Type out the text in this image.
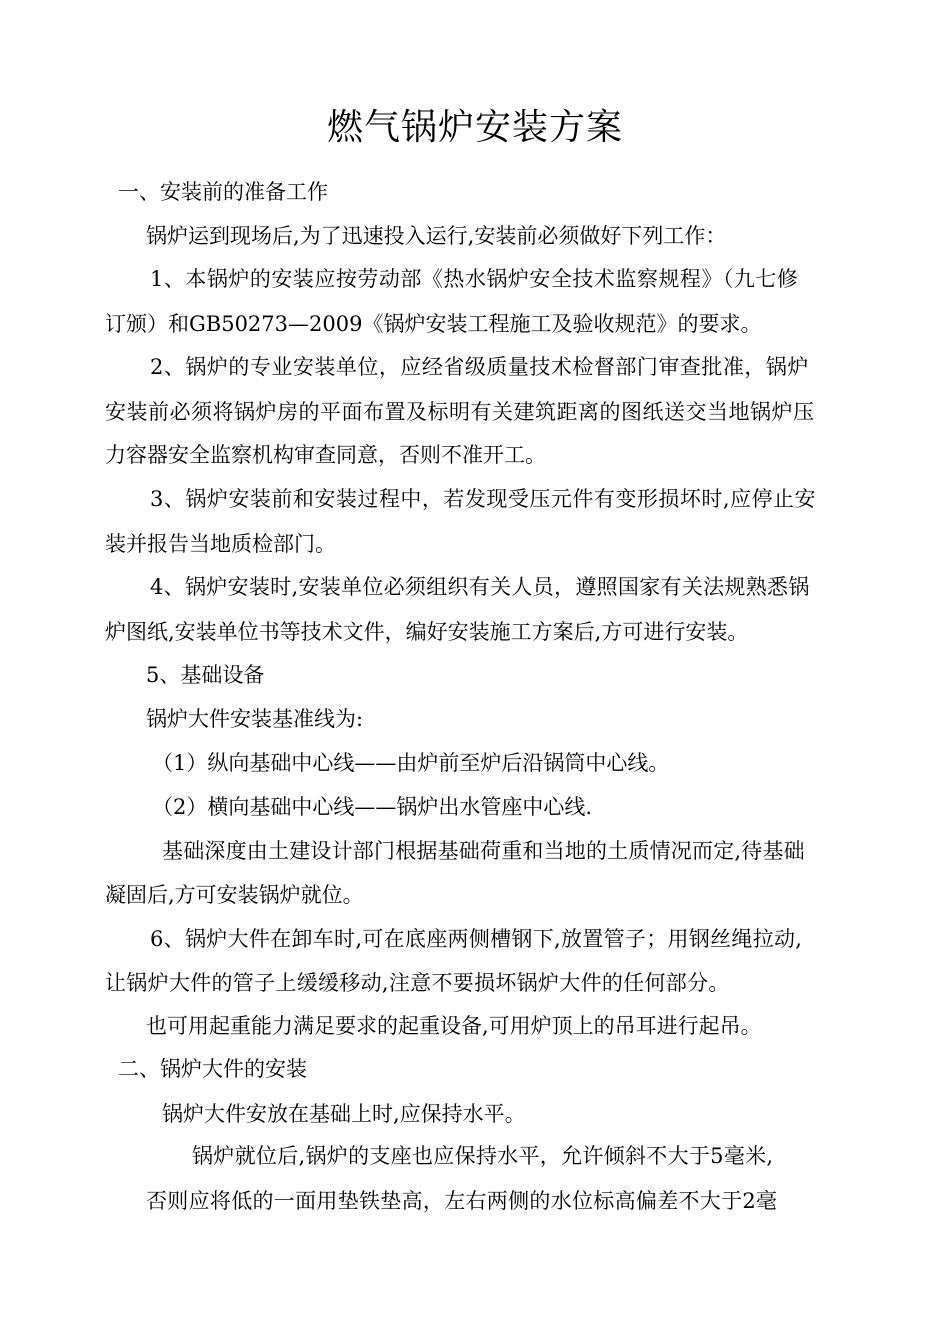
燃气锅炉安装方案
一、安装前的准备工作
锅炉运到现场后,为了迅速投入运行,安装前必须做好下列工作：
1、本锅炉的安装应按劳动部《热水锅炉安全技术监察规程》（九七修
订颁）和GB50273—2009《锅炉安装工程施工及验收规范》的要求。
2、锅炉的专业安装单位，应经省级质量技术检督部门审查批准，锅炉
安装前必须将锅炉房的平面布置及标明有关建筑距离的图纸送交当地锅炉压
力容器安全监察机构审查同意，否则不准开工。
3、锅炉安装前和安装过程中，若发现受压元件有变形损坏时,应停止安
装并报告当地质检部门。
4、锅炉安装时,安装单位必须组织有关人员，遵照国家有关法规熟悉锅
炉图纸,安装单位书等技术文件，编好安装施工方案后,方可进行安装。
5、基础设备
锅炉大件安装基准线为:
（1）纵向基础中心线——由炉前至炉后沿锅筒中心线。
（2）横向基础中心线——锅炉出水管座中心线.
基础深度由土建设计部门根据基础荷重和当地的土质情况而定,待基础
凝固后,方可安装锅炉就位。
6、锅炉大件在卸车时,可在底座两侧槽钢下,放置管子；用钢丝绳拉动,
让锅炉大件的管子上缓缓移动,注意不要损坏锅炉大件的任何部分。
也可用起重能力满足要求的起重设备,可用炉顶上的吊耳进行起吊。
二、锅炉大件的安装
锅炉大件安放在基础上时,应保持水平。
锅炉就位后,锅炉的支座也应保持水平，允许倾斜不大于5毫米,
否则应将低的一面用垫铁垫高，左右两侧的水位标高偏差不大于2毫
